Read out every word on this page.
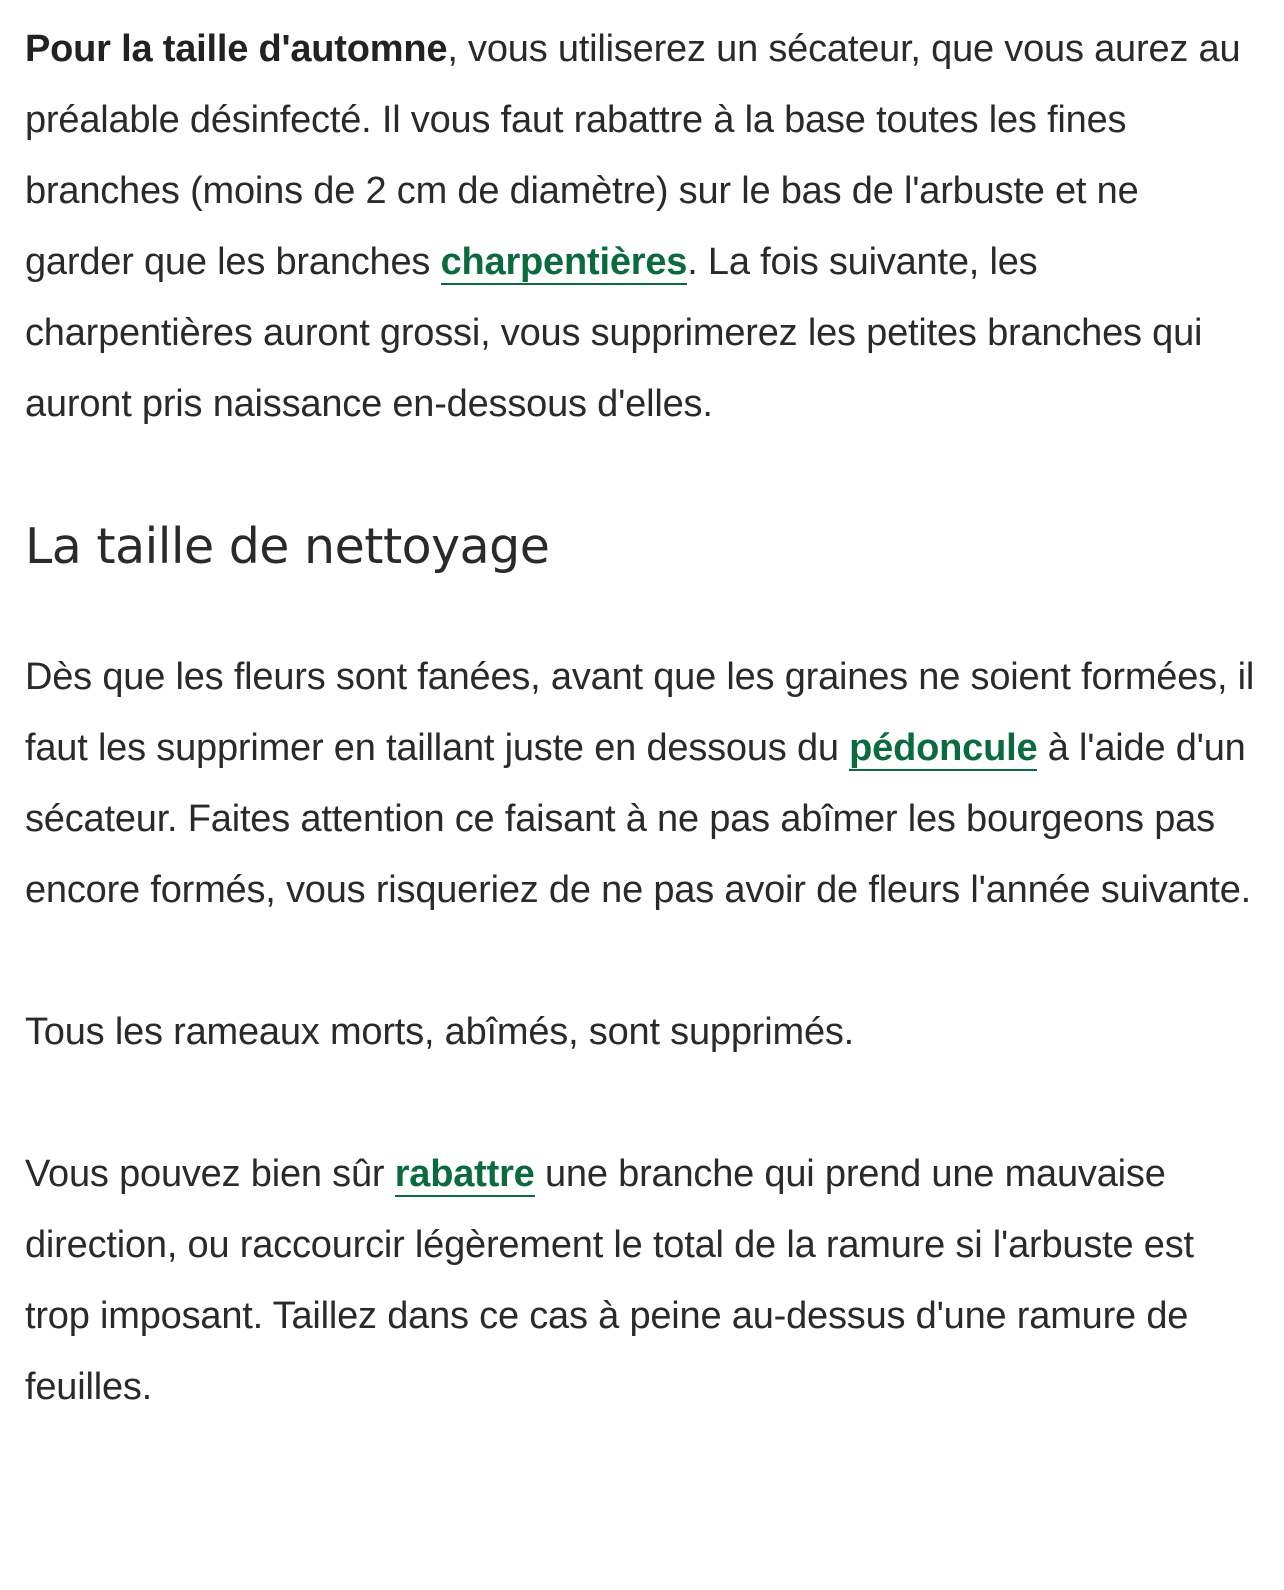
Pour la taille d'automne, vous utiliserez un sécateur, que vous aurez au préalable désinfecté. Il vous faut rabattre à la base toutes les fines branches (moins de 2 cm de diamètre) sur le bas de l'arbuste et ne garder que les branches charpentières. La fois suivante, les charpentières auront grossi, vous supprimerez les petites branches qui auront pris naissance en-dessous d'elles.

La taille de nettoyage

Dès que les fleurs sont fanées, avant que les graines ne soient formées, il faut les supprimer en taillant juste en dessous du pédoncule à l'aide d'un sécateur. Faites attention ce faisant à ne pas abîmer les bourgeons pas encore formés, vous risqueriez de ne pas avoir de fleurs l'année suivante.

Tous les rameaux morts, abîmés, sont supprimés.

Vous pouvez bien sûr rabattre une branche qui prend une mauvaise direction, ou raccourcir légèrement le total de la ramure si l'arbuste est trop imposant. Taillez dans ce cas à peine au-dessus d'une ramure de feuilles.
